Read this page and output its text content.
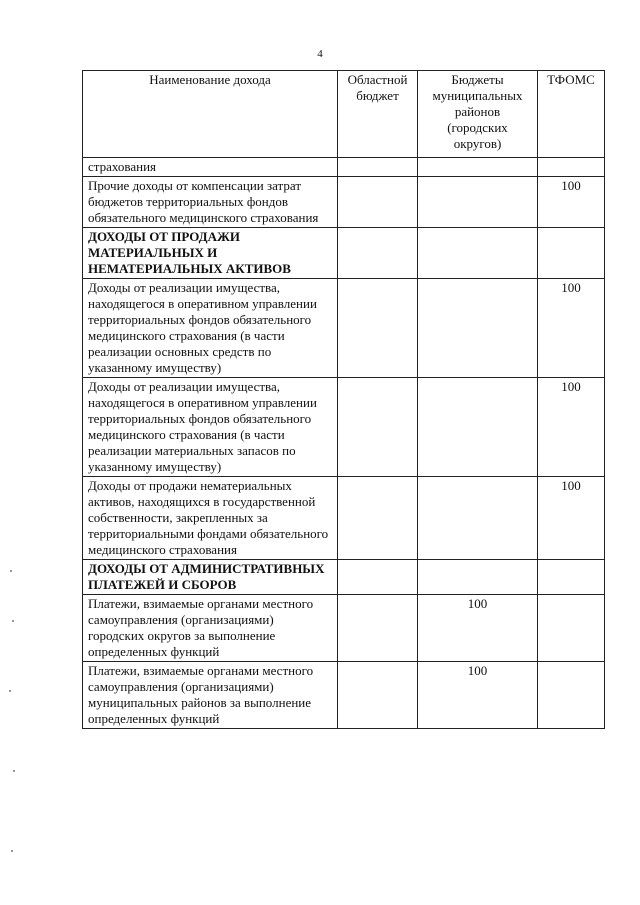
4
Наименование дохода	Областной бюджет	Бюджеты муниципальных районов (городских округов)	ТФОМС
страхования			
Прочие доходы от компенсации затрат бюджетов территориальных фондов обязательного медицинского страхования			100
ДОХОДЫ ОТ ПРОДАЖИ МАТЕРИАЛЬНЫХ И НЕМАТЕРИАЛЬНЫХ АКТИВОВ			
Доходы от реализации имущества, находящегося в оперативном управлении территориальных фондов обязательного медицинского страхования (в части реализации основных средств по указанному имуществу)			100
Доходы от реализации имущества, находящегося в оперативном управлении территориальных фондов обязательного медицинского страхования (в части реализации материальных запасов по указанному имуществу)			100
Доходы от продажи нематериальных активов, находящихся в государственной собственности, закрепленных за территориальными фондами обязательного медицинского страхования			100
ДОХОДЫ ОТ АДМИНИСТРАТИВНЫХ ПЛАТЕЖЕЙ И СБОРОВ			
Платежи, взимаемые органами местного самоуправления (организациями) городских округов за выполнение определенных функций		100	
Платежи, взимаемые органами местного самоуправления (организациями) муниципальных районов за выполнение определенных функций		100	
